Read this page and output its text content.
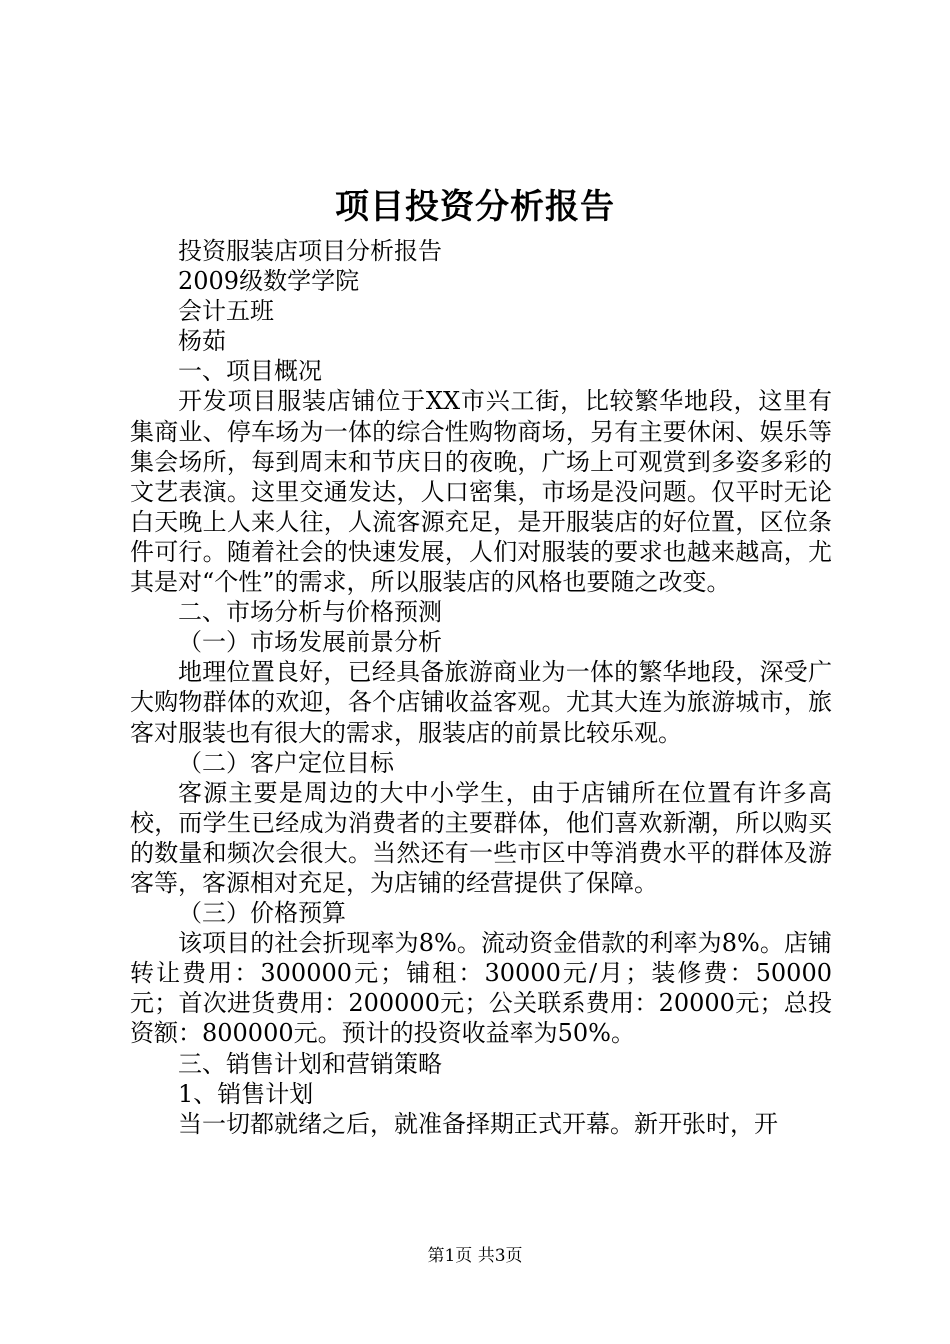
项目投资分析报告

投资服装店项目分析报告

2009级数学学院

会计五班

杨茹

一、项目概况

开发项目服装店铺位于XX市兴工街，比较繁华地段，这里有集商业、停车场为一体的综合性购物商场，另有主要休闲、娱乐等集会场所，每到周末和节庆日的夜晚，广场上可观赏到多姿多彩的文艺表演。这里交通发达，人口密集，市场是没问题。仅平时无论白天晚上人来人往，人流客源充足，是开服装店的好位置，区位条件可行。随着社会的快速发展，人们对服装的要求也越来越高，尤其是对“个性”的需求，所以服装店的风格也要随之改变。

二、市场分析与价格预测

（一）市场发展前景分析

地理位置良好，已经具备旅游商业为一体的繁华地段，深受广大购物群体的欢迎，各个店铺收益客观。尤其大连为旅游城市，旅客对服装也有很大的需求，服装店的前景比较乐观。

（二）客户定位目标

客源主要是周边的大中小学生，由于店铺所在位置有许多高校，而学生已经成为消费者的主要群体，他们喜欢新潮，所以购买的数量和频次会很大。当然还有一些市区中等消费水平的群体及游客等，客源相对充足，为店铺的经营提供了保障。

（三）价格预算

该项目的社会折现率为8%。流动资金借款的利率为8%。店铺转让费用：300000元；铺租：30000元/月；装修费：50000元；首次进货费用：200000元；公关联系费用：20000元；总投资额：800000元。预计的投资收益率为50%。

三、销售计划和营销策略

1、销售计划

当一切都就绪之后，就准备择期正式开幕。新开张时，开

第1页 共3页
